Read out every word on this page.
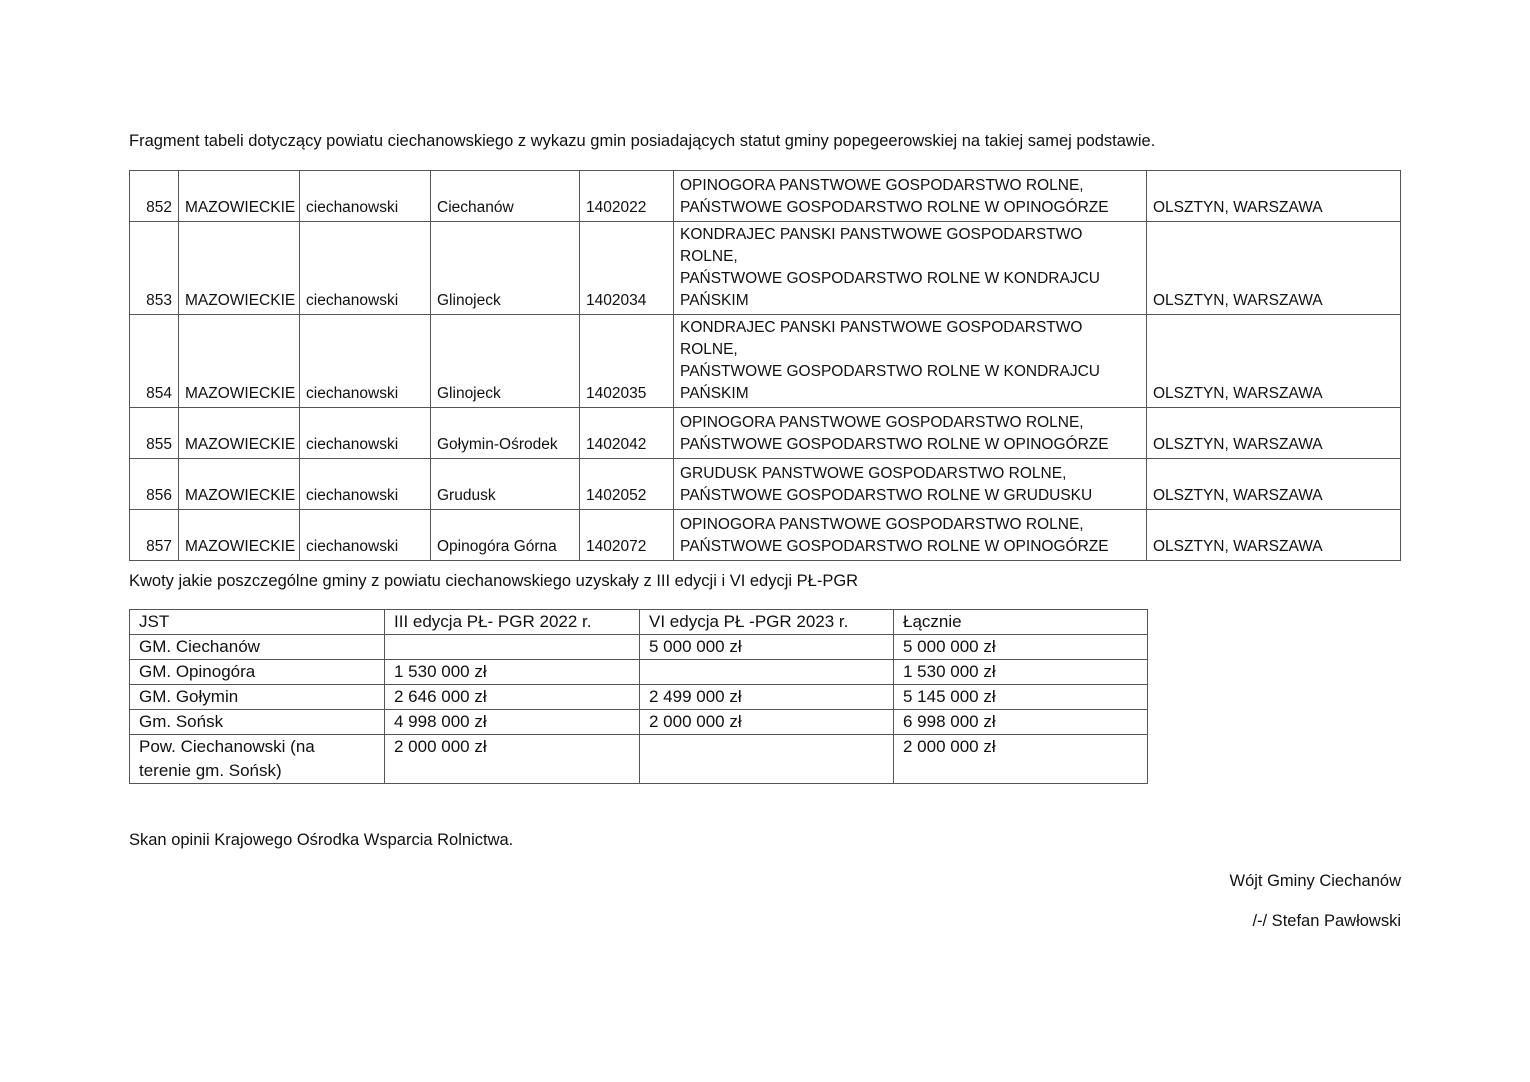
Fragment tabeli dotyczący powiatu ciechanowskiego z wykazu gmin posiadających statut gminy popegeerowskiej na takiej samej podstawie.

852	MAZOWIECKIE	ciechanowski	Ciechanów	1402022	OPINOGORA PANSTWOWE GOSPODARSTWO ROLNE,
PAŃSTWOWE GOSPODARSTWO ROLNE W OPINOGÓRZE	OLSZTYN, WARSZAWA
853	MAZOWIECKIE	ciechanowski	Glinojeck	1402034	KONDRAJEC PANSKI PANSTWOWE GOSPODARSTWO ROLNE,
PAŃSTWOWE GOSPODARSTWO ROLNE W KONDRAJCU
PAŃSKIM	OLSZTYN, WARSZAWA
854	MAZOWIECKIE	ciechanowski	Glinojeck	1402035	KONDRAJEC PANSKI PANSTWOWE GOSPODARSTWO ROLNE,
PAŃSTWOWE GOSPODARSTWO ROLNE W KONDRAJCU
PAŃSKIM	OLSZTYN, WARSZAWA
855	MAZOWIECKIE	ciechanowski	Gołymin-Ośrodek	1402042	OPINOGORA PANSTWOWE GOSPODARSTWO ROLNE,
PAŃSTWOWE GOSPODARSTWO ROLNE W OPINOGÓRZE	OLSZTYN, WARSZAWA
856	MAZOWIECKIE	ciechanowski	Grudusk	1402052	GRUDUSK PANSTWOWE GOSPODARSTWO ROLNE,
PAŃSTWOWE GOSPODARSTWO ROLNE W GRUDUSKU	OLSZTYN, WARSZAWA
857	MAZOWIECKIE	ciechanowski	Opinogóra Górna	1402072	OPINOGORA PANSTWOWE GOSPODARSTWO ROLNE,
PAŃSTWOWE GOSPODARSTWO ROLNE W OPINOGÓRZE	OLSZTYN, WARSZAWA

Kwoty jakie poszczególne gminy z powiatu ciechanowskiego uzyskały z III edycji i VI edycji PŁ-PGR

JST	III edycja PŁ- PGR 2022 r.	VI edycja PŁ -PGR 2023 r.	Łącznie

GM. Ciechanów		5 000 000 zł	5 000 000 zł

GM. Opinogóra	1 530 000 zł		1 530 000 zł

GM. Gołymin	2 646 000 zł	2 499 000 zł	5 145 000 zł

Gm. Sońsk	4 998 000 zł	2 000 000 zł	6 998 000 zł

Pow. Ciechanowski (na
terenie gm. Sońsk)	2 000 000 zł		2 000 000 zł

Skan opinii Krajowego Ośrodka Wsparcia Rolnictwa.

Wójt Gminy Ciechanów
/-/ Stefan Pawłowski
